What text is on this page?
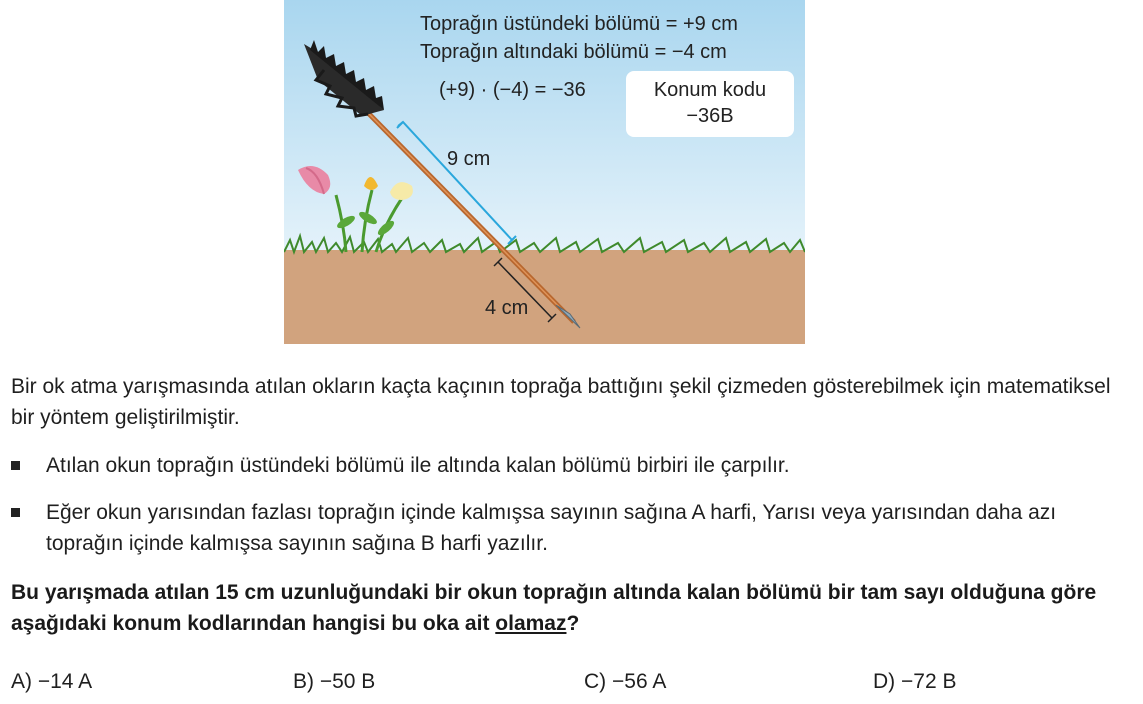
Toprağın üstündeki bölümü = +9 cm
Toprağın altındaki bölümü = −4 cm
(+9) · (−4) = −36	Konum kodu
−36B
9 cm
4 cm
Bir ok atma yarışmasında atılan okların kaçta kaçının toprağa battığını şekil çizmeden gösterebilmek için matematiksel bir yöntem geliştirilmiştir.
Atılan okun toprağın üstündeki bölümü ile altında kalan bölümü birbiri ile çarpılır.
Eğer okun yarısından fazlası toprağın içinde kalmışsa sayının sağına A harfi, Yarısı veya yarısından daha azı toprağın içinde kalmışsa sayının sağına B harfi yazılır.
Bu yarışmada atılan 15 cm uzunluğundaki bir okun toprağın altında kalan bölümü bir tam sayı olduğuna göre aşağıdaki konum kodlarından hangisi bu oka ait olamaz?
A) −14 A	B) −50 B	C) −56 A	D) −72 B
